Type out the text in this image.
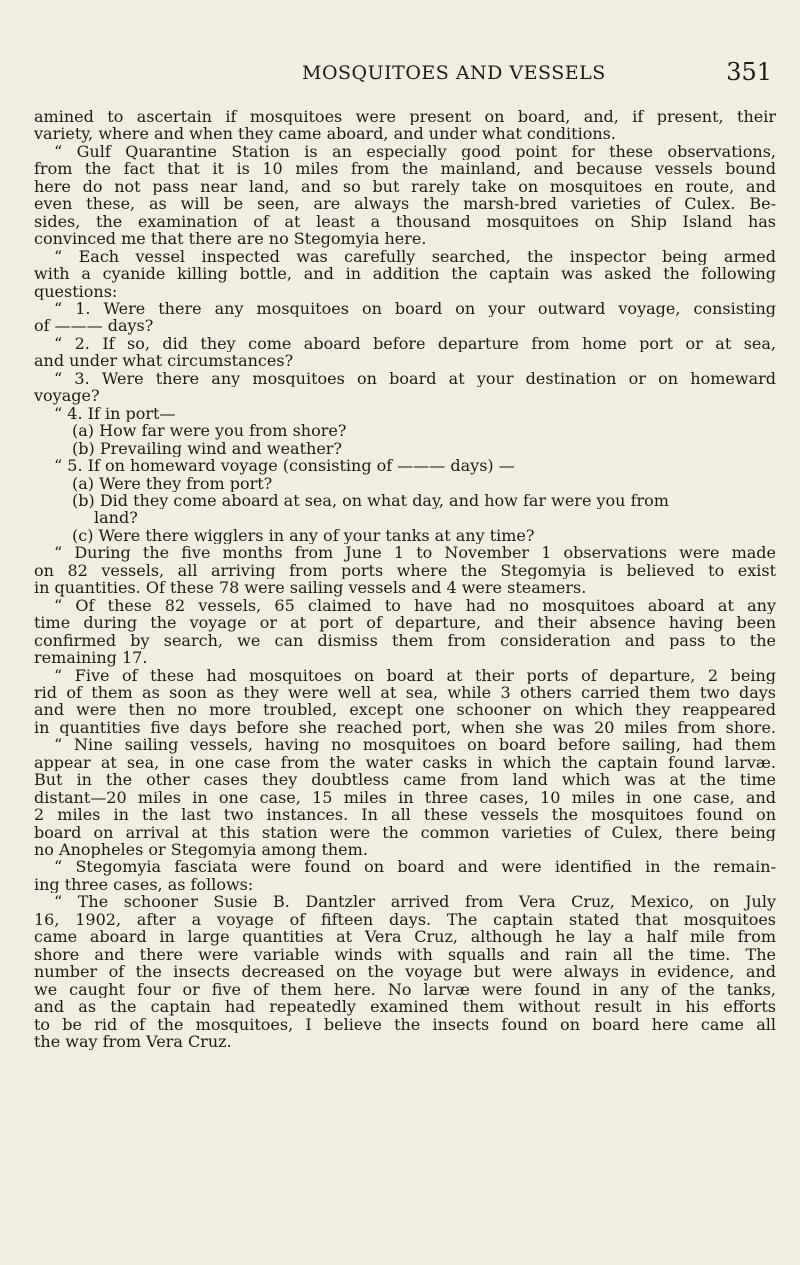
MOSQUITOES AND VESSELS	351
amined to ascertain if mosquitoes were present on board, and, if present, their
variety, where and when they came aboard, and under what conditions.
“ Gulf Quarantine Station is an especially good point for these observations,
from the fact that it is 10 miles from the mainland, and because vessels bound
here do not pass near land, and so but rarely take on mosquitoes en route, and
even these, as will be seen, are always the marsh-bred varieties of Culex. Be-
sides, the examination of at least a thousand mosquitoes on Ship Island has
convinced me that there are no Stegomyia here.
“ Each vessel inspected was carefully searched, the inspector being armed
with a cyanide killing bottle, and in addition the captain was asked the following
questions:
“ 1. Were there any mosquitoes on board on your outward voyage, consisting
of ——— days?
“ 2. If so, did they come aboard before departure from home port or at sea,
and under what circumstances?
“ 3. Were there any mosquitoes on board at your destination or on homeward
voyage?
“ 4. If in port—
(a) How far were you from shore?
(b) Prevailing wind and weather?
“ 5. If on homeward voyage (consisting of ——— days) —
(a) Were they from port?
(b) Did they come aboard at sea, on what day, and how far were you from
land?
(c) Were there wigglers in any of your tanks at any time?
“ During the five months from June 1 to November 1 observations were made
on 82 vessels, all arriving from ports where the Stegomyia is believed to exist
in quantities. Of these 78 were sailing vessels and 4 were steamers.
“ Of these 82 vessels, 65 claimed to have had no mosquitoes aboard at any
time during the voyage or at port of departure, and their absence having been
confirmed by search, we can dismiss them from consideration and pass to the
remaining 17.
“ Five of these had mosquitoes on board at their ports of departure, 2 being
rid of them as soon as they were well at sea, while 3 others carried them two days
and were then no more troubled, except one schooner on which they reappeared
in quantities five days before she reached port, when she was 20 miles from shore.
“ Nine sailing vessels, having no mosquitoes on board before sailing, had them
appear at sea, in one case from the water casks in which the captain found larvæ.
But in the other cases they doubtless came from land which was at the time
distant—20 miles in one case, 15 miles in three cases, 10 miles in one case, and
2 miles in the last two instances. In all these vessels the mosquitoes found on
board on arrival at this station were the common varieties of Culex, there being
no Anopheles or Stegomyia among them.
“ Stegomyia fasciata were found on board and were identified in the remain-
ing three cases, as follows:
“ The schooner Susie B. Dantzler arrived from Vera Cruz, Mexico, on July
16, 1902, after a voyage of fifteen days. The captain stated that mosquitoes
came aboard in large quantities at Vera Cruz, although he lay a half mile from
shore and there were variable winds with squalls and rain all the time. The
number of the insects decreased on the voyage but were always in evidence, and
we caught four or five of them here. No larvæ were found in any of the tanks,
and as the captain had repeatedly examined them without result in his efforts
to be rid of the mosquitoes, I believe the insects found on board here came all
the way from Vera Cruz.
